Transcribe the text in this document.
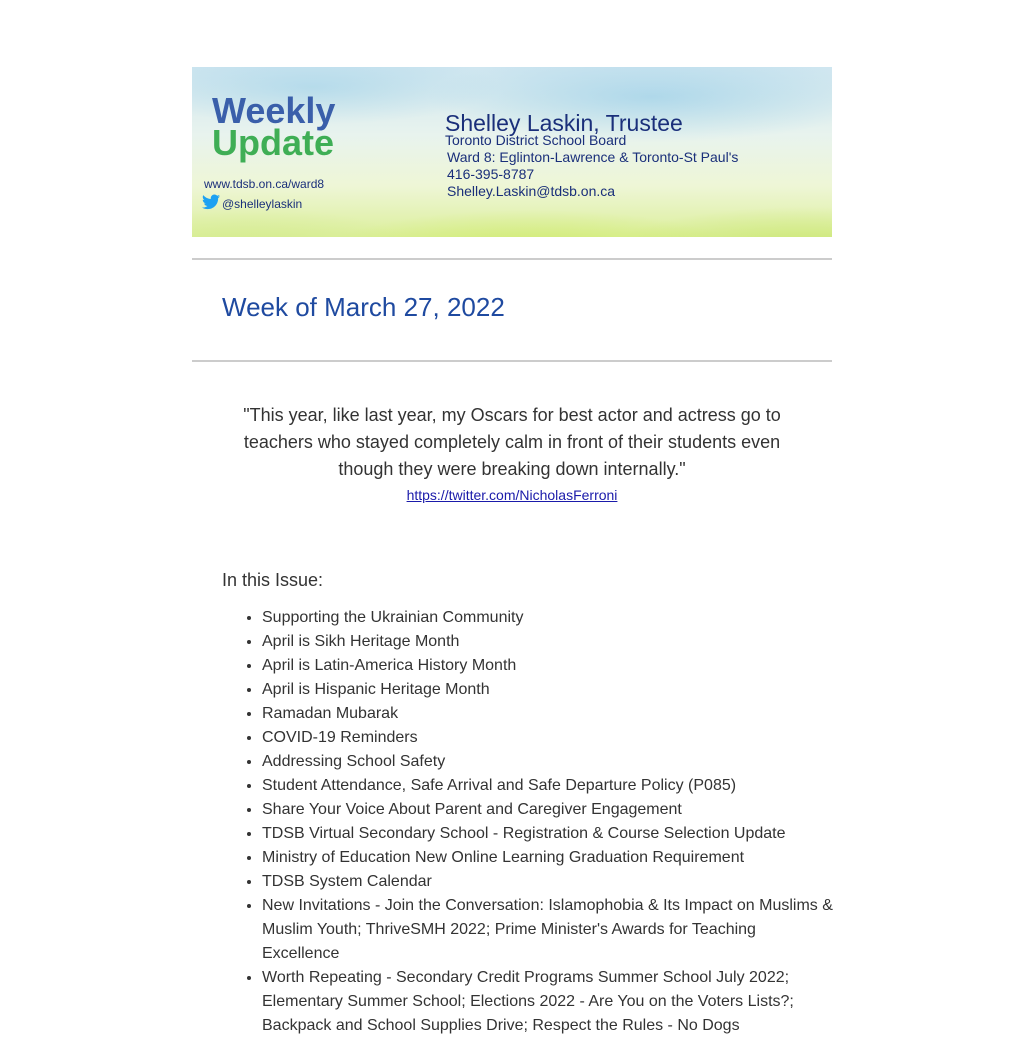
Weekly
Update
www.tdsb.on.ca/ward8
@shelleylaskin
Shelley Laskin, Trustee
Toronto District School Board
Ward 8: Eglinton-Lawrence & Toronto-St Paul's
416-395-8787
Shelley.Laskin@tdsb.on.ca
Week of March 27, 2022
"This year, like last year, my Oscars for best actor and actress go to teachers who stayed completely calm in front of their students even though they were breaking down internally."
https://twitter.com/NicholasFerroni
In this Issue:
• Supporting the Ukrainian Community
• April is Sikh Heritage Month
• April is Latin-America History Month
• April is Hispanic Heritage Month
• Ramadan Mubarak
• COVID-19 Reminders
• Addressing School Safety
• Student Attendance, Safe Arrival and Safe Departure Policy (P085)
• Share Your Voice About Parent and Caregiver Engagement
• TDSB Virtual Secondary School - Registration & Course Selection Update
• Ministry of Education New Online Learning Graduation Requirement
• TDSB System Calendar
• New Invitations - Join the Conversation: Islamophobia & Its Impact on Muslims & Muslim Youth; ThriveSMH 2022; Prime Minister's Awards for Teaching Excellence
• Worth Repeating - Secondary Credit Programs Summer School July 2022; Elementary Summer School; Elections 2022 - Are You on the Voters Lists?; Backpack and School Supplies Drive; Respect the Rules - No Dogs
